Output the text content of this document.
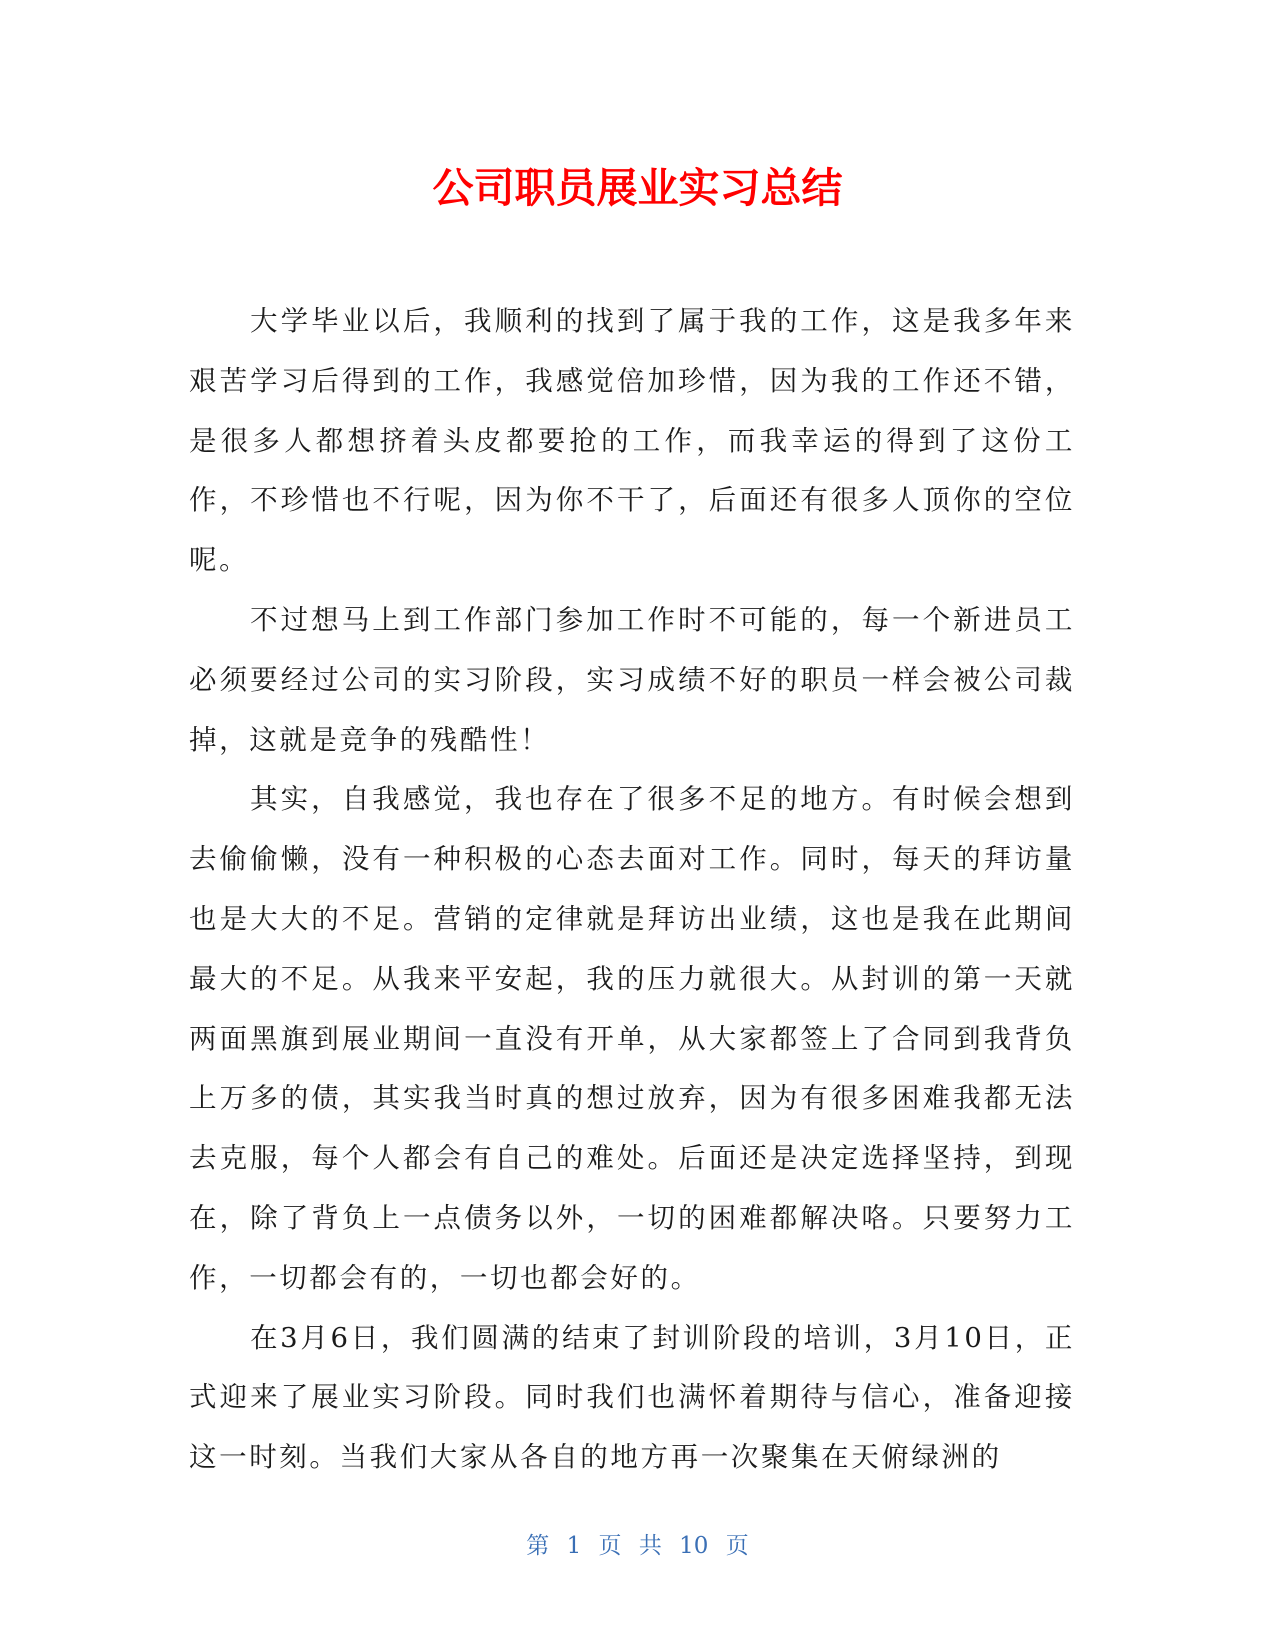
公司职员展业实习总结

大学毕业以后，我顺利的找到了属于我的工作，这是我多年来艰苦学习后得到的工作，我感觉倍加珍惜，因为我的工作还不错，是很多人都想挤着头皮都要抢的工作，而我幸运的得到了这份工作，不珍惜也不行呢，因为你不干了，后面还有很多人顶你的空位呢。

不过想马上到工作部门参加工作时不可能的，每一个新进员工必须要经过公司的实习阶段，实习成绩不好的职员一样会被公司裁掉，这就是竞争的残酷性！

其实，自我感觉，我也存在了很多不足的地方。有时候会想到去偷偷懒，没有一种积极的心态去面对工作。同时，每天的拜访量也是大大的不足。营销的定律就是拜访出业绩，这也是我在此期间最大的不足。从我来平安起，我的压力就很大。从封训的第一天就两面黑旗到展业期间一直没有开单，从大家都签上了合同到我背负上万多的债，其实我当时真的想过放弃，因为有很多困难我都无法去克服，每个人都会有自己的难处。后面还是决定选择坚持，到现在，除了背负上一点债务以外，一切的困难都解决咯。只要努力工作，一切都会有的，一切也都会好的。

在3月6日，我们圆满的结束了封训阶段的培训，3月10日，正式迎来了展业实习阶段。同时我们也满怀着期待与信心，准备迎接这一时刻。当我们大家从各自的地方再一次聚集在天俯绿洲的

第 1 页 共 10 页
